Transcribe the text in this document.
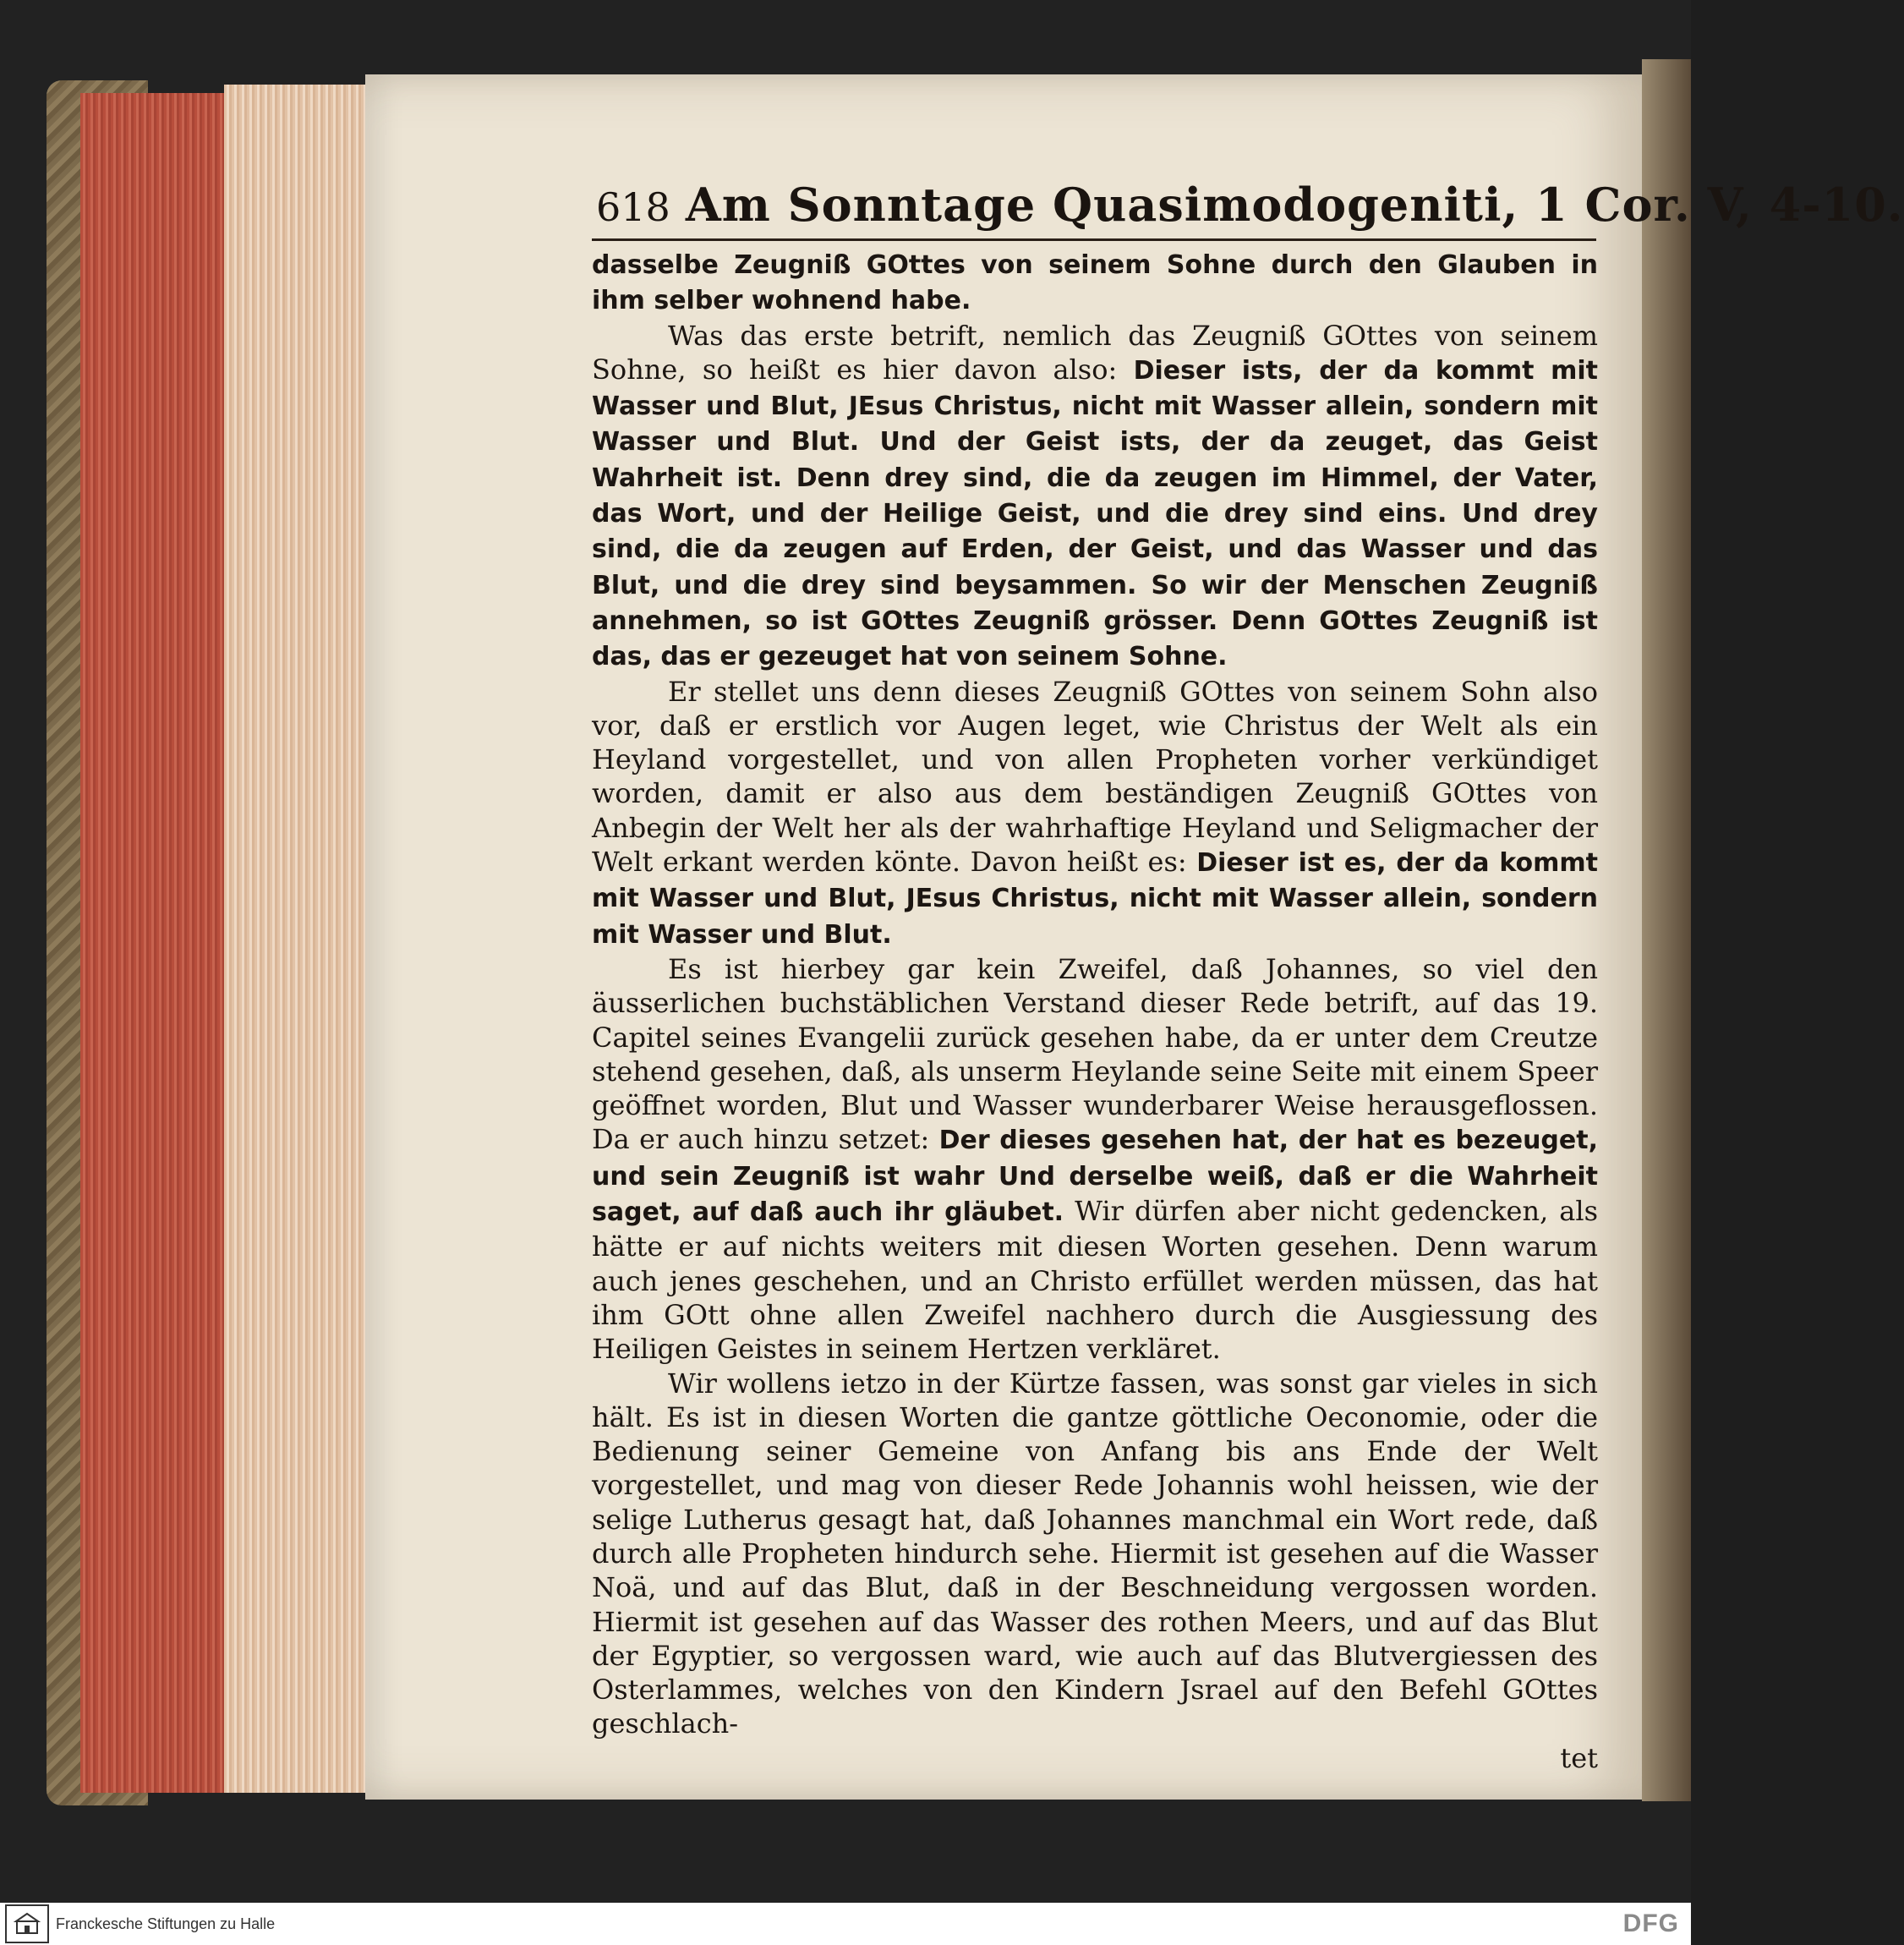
618 Am Sonntage Quasimodogeniti, 1 Cor. V, 4-10.

dasselbe Zeugniß GOttes von seinem Sohne durch den Glauben in ihm selber wohnend habe.

Was das erste betrift, nemlich das Zeugniß GOttes von seinem Sohne, so heißt es hier davon also: Dieser ists, der da kommt mit Wasser und Blut, JEsus Christus, nicht mit Wasser allein, sondern mit Wasser und Blut. Und der Geist ists, der da zeuget, das Geist Wahrheit ist. Denn drey sind, die da zeugen im Himmel, der Vater, das Wort, und der Heilige Geist, und die drey sind eins. Und drey sind, die da zeugen auf Erden, der Geist, und das Wasser und das Blut, und die drey sind beysammen. So wir der Menschen Zeugniß annehmen, so ist GOttes Zeugniß grösser. Denn GOttes Zeugniß ist das, das er gezeuget hat von seinem Sohne.

Er stellet uns denn dieses Zeugniß GOttes von seinem Sohn also vor, daß er erstlich vor Augen leget, wie Christus der Welt als ein Heyland vorgestellet, und von allen Propheten vorher verkündiget worden, damit er also aus dem beständigen Zeugniß GOttes von Anbegin der Welt her als der wahrhaftige Heyland und Seligmacher der Welt erkant werden könte. Davon heißt es: Dieser ist es, der da kommt mit Wasser und Blut, JEsus Christus, nicht mit Wasser allein, sondern mit Wasser und Blut.

Es ist hierbey gar kein Zweifel, daß Johannes, so viel den äusserlichen buchstäblichen Verstand dieser Rede betrift, auf das 19. Capitel seines Evangelii zurück gesehen habe, da er unter dem Creutze stehend gesehen, daß, als unserm Heylande seine Seite mit einem Speer geöffnet worden, Blut und Wasser wunderbarer Weise herausgeflossen. Da er auch hinzu setzet: Der dieses gesehen hat, der hat es bezeuget, und sein Zeugniß ist wahr Und derselbe weiß, daß er die Wahrheit saget, auf daß auch ihr gläubet. Wir dürfen aber nicht gedencken, als hätte er auf nichts weiters mit diesen Worten gesehen. Denn warum auch jenes geschehen, und an Christo erfüllet werden müssen, das hat ihm GOtt ohne allen Zweifel nachhero durch die Ausgiessung des Heiligen Geistes in seinem Hertzen verkläret.

Wir wollens ietzo in der Kürtze fassen, was sonst gar vieles in sich hält. Es ist in diesen Worten die gantze göttliche Oeconomie, oder die Bedienung seiner Gemeine von Anfang bis ans Ende der Welt vorgestellet, und mag von dieser Rede Johannis wohl heissen, wie der selige Lutherus gesagt hat, daß Johannes manchmal ein Wort rede, daß durch alle Propheten hindurch sehe. Hiermit ist gesehen auf die Wasser Noä, und auf das Blut, daß in der Beschneidung vergossen worden. Hiermit ist gesehen auf das Wasser des rothen Meers, und auf das Blut der Egyptier, so vergossen ward, wie auch auf das Blutvergiessen des Osterlammes, welches von den Kindern Jsrael auf den Befehl GOttes geschlach-

tet

Franckesche Stiftungen zu Halle	DFG
